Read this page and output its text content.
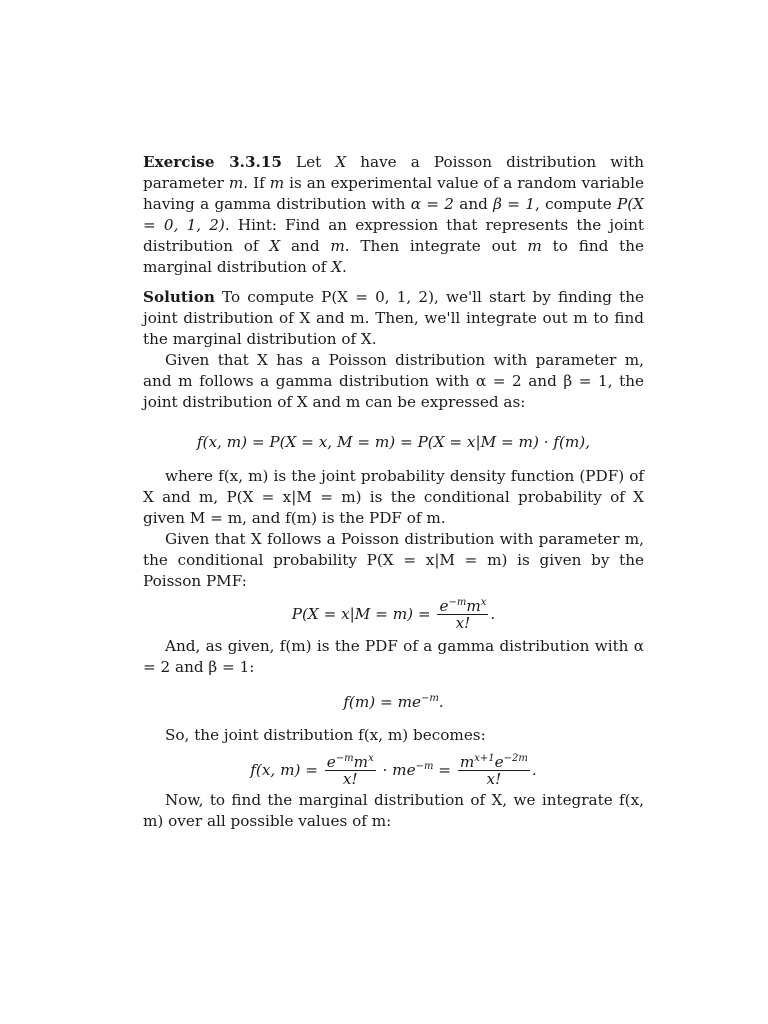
Exercise 3.3.15 Let X have a Poisson distribution with parameter m. If m is an experimental value of a random variable having a gamma distribution with α = 2 and β = 1, compute P(X = 0, 1, 2). Hint: Find an expression that represents the joint distribution of X and m. Then integrate out m to find the marginal distribution of X.

Solution To compute P(X = 0, 1, 2), we'll start by finding the joint distribution of X and m. Then, we'll integrate out m to find the marginal distribution of X.

Given that X has a Poisson distribution with parameter m, and m follows a gamma distribution with α = 2 and β = 1, the joint distribution of X and m can be expressed as:

f(x, m) = P(X = x, M = m) = P(X = x|M = m) · f(m),

where f(x, m) is the joint probability density function (PDF) of X and m, P(X = x|M = m) is the conditional probability of X given M = m, and f(m) is the PDF of m.

Given that X follows a Poisson distribution with parameter m, the conditional probability P(X = x|M = m) is given by the Poisson PMF:

$P(X = x|M = m) = \frac{e^{-m}m^x}{x!}$ .

And, as given, f(m) is the PDF of a gamma distribution with α = 2 and β = 1:

$f(m) = me^{-m}$.

So, the joint distribution f(x, m) becomes:

f(x, $m) = \frac{e^{-m}m^x}{x!} \cdot me^{-m} = \frac{m^{x+1}e^{-2m}}{x!}$ .

Now, to find the marginal distribution of X, we integrate f(x, m) over all possible values of m:
